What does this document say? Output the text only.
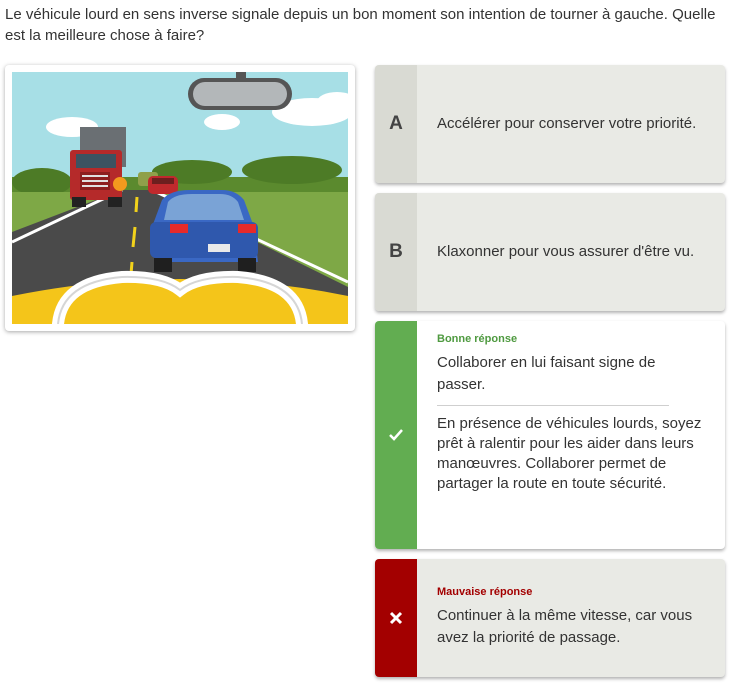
Le véhicule lourd en sens inverse signale depuis un bon moment son intention de tourner à gauche. Quelle est la meilleure chose à faire?
A	Accélérer pour conserver votre priorité.
B	Klaxonner pour vous assurer d'être vu.
Bonne réponse
Collaborer en lui faisant signe de passer.
En présence de véhicules lourds, soyez prêt à ralentir pour les aider dans leurs manœuvres. Collaborer permet de partager la route en toute sécurité.
Mauvaise réponse
Continuer à la même vitesse, car vous avez la priorité de passage.
